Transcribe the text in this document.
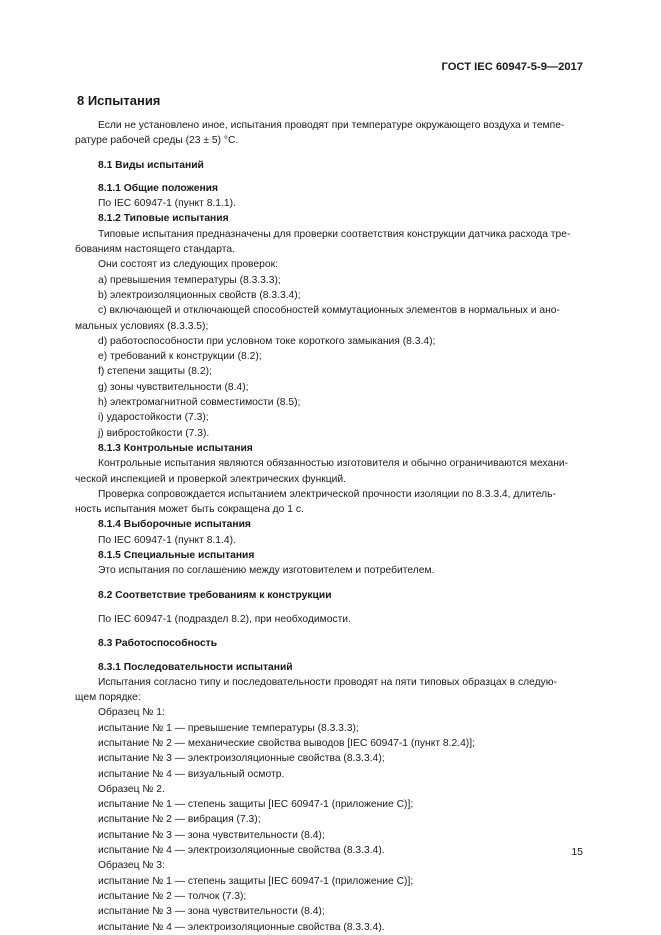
ГОСТ IEC 60947-5-9—2017
8 Испытания

Если не установлено иное, испытания проводят при температуре окружающего воздуха и темпе-

ратуре рабочей среды (23 ± 5) °C.

8.1 Виды испытаний

8.1.1 Общие положения

По IEC 60947-1 (пункт 8.1.1).

8.1.2 Типовые испытания

Типовые испытания предназначены для проверки соответствия конструкции датчика расхода тре-

бованиям настоящего стандарта.

Они состоят из следующих проверок:

а) превышения температуры (8.3.3.3);

b) электроизоляционных свойств (8.3.3.4);

с) включающей и отключающей способностей коммутационных элементов в нормальных и ано-

мальных условиях (8.3.3.5);

d) работоспособности при условном токе короткого замыкания (8.3.4);

е) требований к конструкции (8.2);

f) степени защиты (8.2);

g) зоны чувствительности (8.4);

h) электромагнитной совместимости (8.5);

i) ударостойкости (7.3);

j) вибростойкости (7.3).

8.1.3 Контрольные испытания

Контрольные испытания являются обязанностью изготовителя и обычно ограничиваются механи-

ческой инспекцией и проверкой электрических функций.

Проверка сопровождается испытанием электрической прочности изоляции по 8.3.3.4, длитель-

ность испытания может быть сокращена до 1 с.

8.1.4 Выборочные испытания

По IEC 60947-1 (пункт 8.1.4).

8.1.5 Специальные испытания

Это испытания по соглашению между изготовителем и потребителем.

8.2 Соответствие требованиям к конструкции

По IEC 60947-1 (подраздел 8.2), при необходимости.

8.3 Работоспособность

8.3.1 Последовательности испытаний

Испытания согласно типу и последовательности проводят на пяти типовых образцах в следую-

щем порядке:

Образец № 1:

испытание № 1 — превышение температуры (8.3.3.3);

испытание № 2 — механические свойства выводов [IEC 60947-1 (пункт 8.2.4)];

испытание № 3 — электроизоляционные свойства (8.3.3.4);

испытание № 4 — визуальный осмотр.

Образец № 2.

испытание № 1 — степень защиты [IEC 60947-1 (приложение С)];

испытание № 2 — вибрация (7.3);

испытание № 3 — зона чувствительности (8.4);

испытание № 4 — электроизоляционные свойства (8.3.3.4).

Образец № 3:

испытание № 1 — степень защиты [IEC 60947-1 (приложение С)];

испытание № 2 — толчок (7.3);

испытание № 3 — зона чувствительности (8.4);

испытание № 4 — электроизоляционные свойства (8.3.3.4).

15
